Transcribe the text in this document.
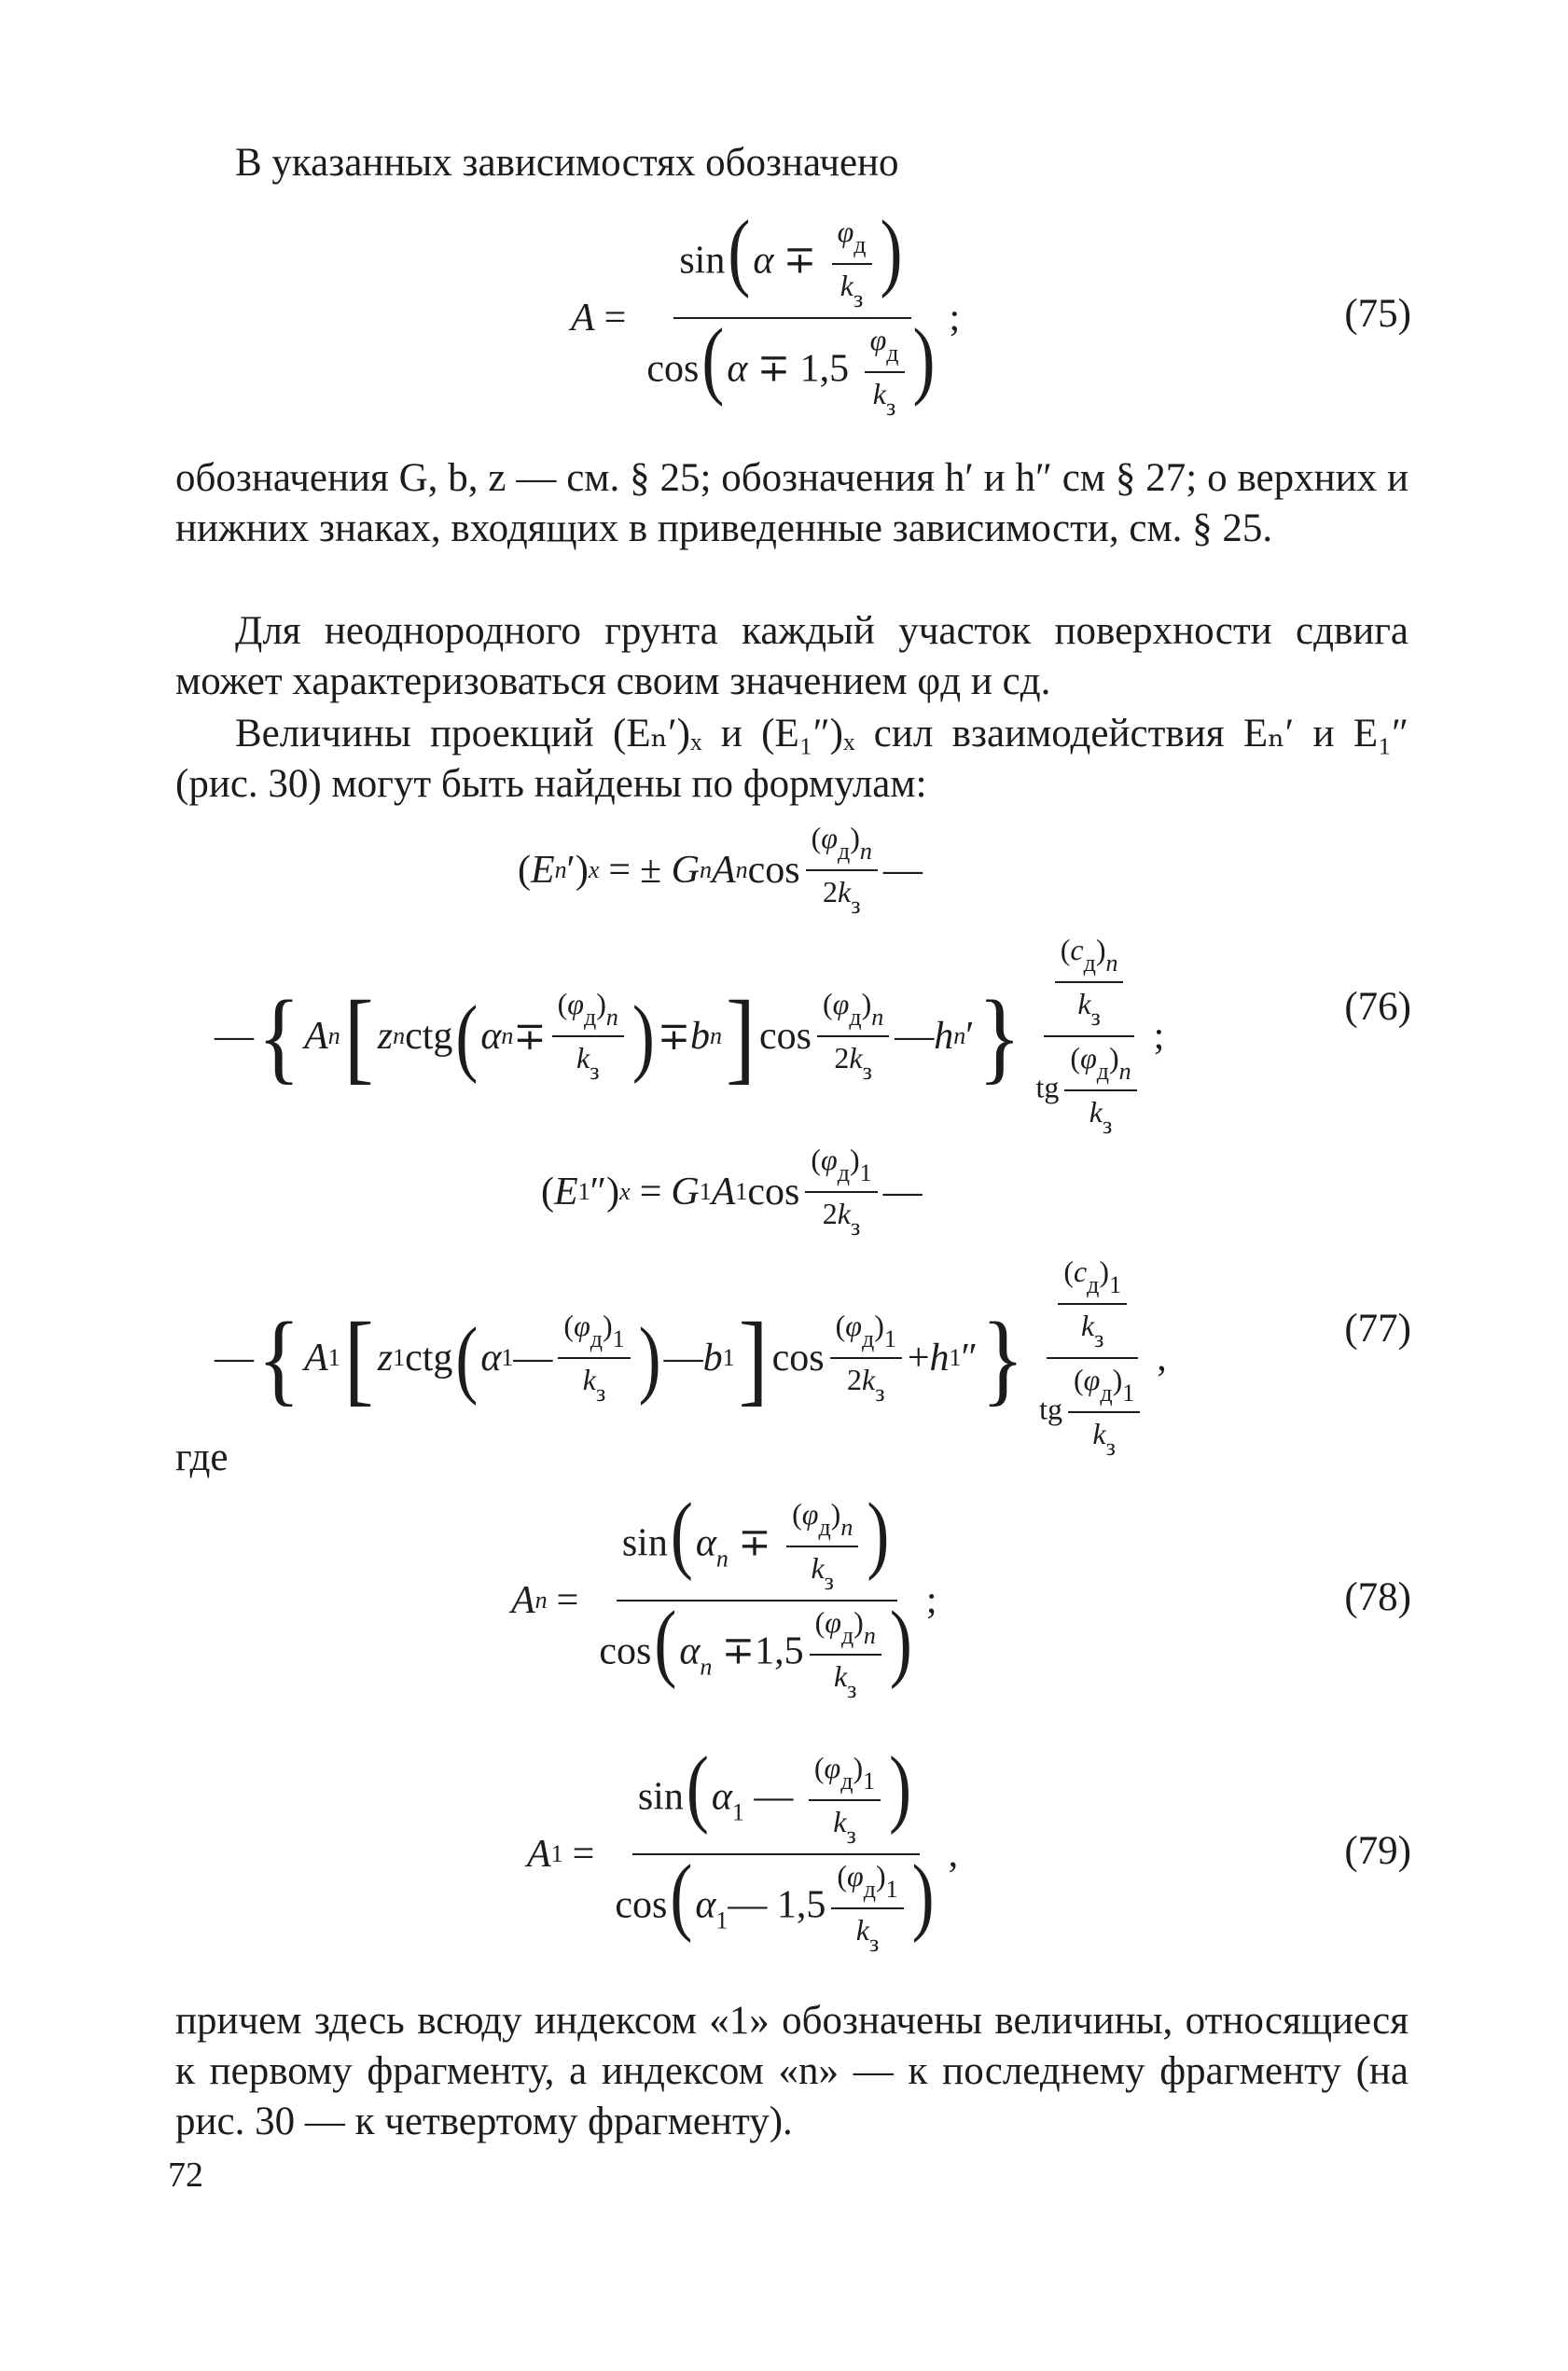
В указанных зависимостях обозначено
$A = \frac{\sin(\alpha \mp \frac{\varphi_д}{k_з} )}{\cos(\alpha \mp 1,5 \frac{\varphi_д}{k_з} )}$ ;	(75)
обозначения G, b, z — см. § 25; обозначения h′ и h″ см § 27; о верхних и нижних знаках, входящих в приведенные зависимости, см. § 25.
Для неоднородного грунта каждый участок поверхности сдвига может характеризоваться своим значением φд и cд.
Величины проекций (Eₙ′)ₓ и (E₁″)ₓ сил взаимодействия Eₙ′ и E₁″ (рис. 30) могут быть найдены по формулам:
( E n ′) x = ± G n A n $\cos \frac{(\varphi_д)_n}{2k_з}$ —
— { A n [ z n ctg ( α $n \mp \frac{(\varphi_д)_n}{k_з}$ ) ∓ b n ] $\cos \frac{(\varphi_д)_n}{2k_з}$ — h n ′ } $\frac{\frac{(c_д)_n}{k_з}}{tg \frac{(\varphi_д)_n}{k_з}}$ ;
(76)
( E 1 ″) x = G 1 A 1 $\cos \frac{(\varphi_д)_1}{2k_з}$ —
— { A 1 [ z 1 ctg ( α 1 — $\frac{(\varphi_д)_1}{k_з}$ ) — b 1 ] $\cos \frac{(\varphi_д)_1}{2k_з} + h$ 1 ″ } $\frac{\frac{(c_д)_1}{k_з}}{tg \frac{(\varphi_д)_1}{k_з}}$ ,
(77)
где
A $n = \frac{\sin(\alpha_n \mp \frac{(\varphi_д)_n}{k_з} )}{\cos(\alpha_n \mp 1,5 \frac{(\varphi_д)_n}{k_з} )}$ ;	(78)
A $1 = \frac{\sin(\alpha_1 — \frac{(\varphi_д)_1}{k_з} )}{\cos(\alpha_1— 1,5 \frac{(\varphi_д)_1}{k_з} )}$ ,	(79)
причем здесь всюду индексом «1» обозначены величины, относящиеся к первому фрагменту, а индексом «n» — к последнему фрагменту (на рис. 30 — к четвертому фрагменту).
72
